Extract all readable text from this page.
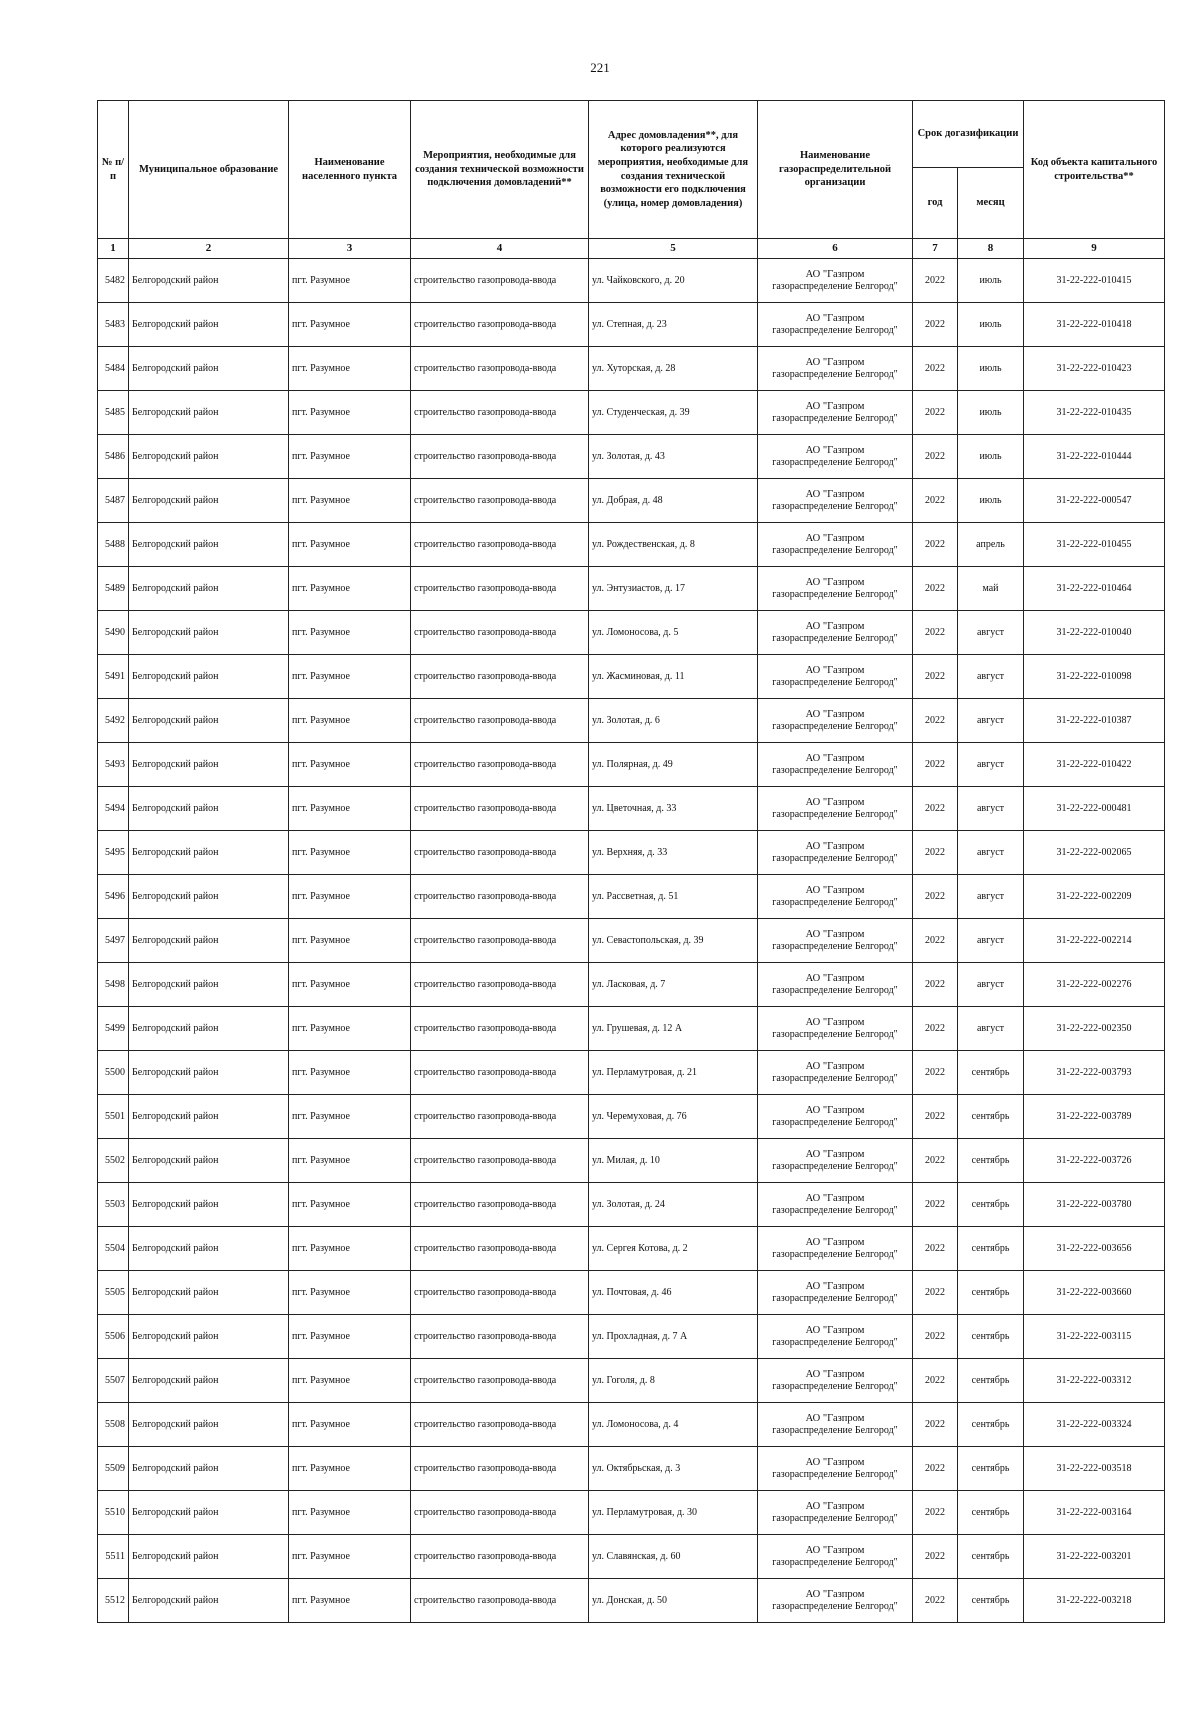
221
№ п/п	Муниципальное образование	Наименование населенного пункта	Мероприятия, необходимые для создания технической возможности подключения домовладений**	Адрес домовладения**, для которого реализуются мероприятия, необходимые для создания технической возможности его подключения (улица, номер домовладения)	Наименование газораспределительной организации	Срок догазификации		Код объекта капитального строительства**
						год	месяц	
1	2	3	4	5	6	7	8	9
5482	Белгородский район	пгт. Разумное	строительство газопровода-ввода	ул. Чайковского, д. 20	АО "Газпром
газораспределение Белгород"	2022	июль	31-22-222-010415
5483	Белгородский район	пгт. Разумное	строительство газопровода-ввода	ул. Степная, д. 23	АО "Газпром
газораспределение Белгород"	2022	июль	31-22-222-010418
5484	Белгородский район	пгт. Разумное	строительство газопровода-ввода	ул. Хуторская, д. 28	АО "Газпром
газораспределение Белгород"	2022	июль	31-22-222-010423
5485	Белгородский район	пгт. Разумное	строительство газопровода-ввода	ул. Студенческая, д. 39	АО "Газпром
газораспределение Белгород"	2022	июль	31-22-222-010435
5486	Белгородский район	пгт. Разумное	строительство газопровода-ввода	ул. Золотая, д. 43	АО "Газпром
газораспределение Белгород"	2022	июль	31-22-222-010444
5487	Белгородский район	пгт. Разумное	строительство газопровода-ввода	ул. Добрая, д. 48	АО "Газпром
газораспределение Белгород"	2022	июль	31-22-222-000547
5488	Белгородский район	пгт. Разумное	строительство газопровода-ввода	ул. Рождественская, д. 8	АО "Газпром
газораспределение Белгород"	2022	апрель	31-22-222-010455
5489	Белгородский район	пгт. Разумное	строительство газопровода-ввода	ул. Энтузиастов, д. 17	АО "Газпром
газораспределение Белгород"	2022	май	31-22-222-010464
5490	Белгородский район	пгт. Разумное	строительство газопровода-ввода	ул. Ломоносова, д. 5	АО "Газпром
газораспределение Белгород"	2022	август	31-22-222-010040
5491	Белгородский район	пгт. Разумное	строительство газопровода-ввода	ул. Жасминовая, д. 11	АО "Газпром
газораспределение Белгород"	2022	август	31-22-222-010098
5492	Белгородский район	пгт. Разумное	строительство газопровода-ввода	ул. Золотая, д. 6	АО "Газпром
газораспределение Белгород"	2022	август	31-22-222-010387
5493	Белгородский район	пгт. Разумное	строительство газопровода-ввода	ул. Полярная, д. 49	АО "Газпром
газораспределение Белгород"	2022	август	31-22-222-010422
5494	Белгородский район	пгт. Разумное	строительство газопровода-ввода	ул. Цветочная, д. 33	АО "Газпром
газораспределение Белгород"	2022	август	31-22-222-000481
5495	Белгородский район	пгт. Разумное	строительство газопровода-ввода	ул. Верхняя, д. 33	АО "Газпром
газораспределение Белгород"	2022	август	31-22-222-002065
5496	Белгородский район	пгт. Разумное	строительство газопровода-ввода	ул. Рассветная, д. 51	АО "Газпром
газораспределение Белгород"	2022	август	31-22-222-002209
5497	Белгородский район	пгт. Разумное	строительство газопровода-ввода	ул. Севастопольская, д. 39	АО "Газпром
газораспределение Белгород"	2022	август	31-22-222-002214
5498	Белгородский район	пгт. Разумное	строительство газопровода-ввода	ул. Ласковая, д. 7	АО "Газпром
газораспределение Белгород"	2022	август	31-22-222-002276
5499	Белгородский район	пгт. Разумное	строительство газопровода-ввода	ул. Грушевая, д. 12 А	АО "Газпром
газораспределение Белгород"	2022	август	31-22-222-002350
5500	Белгородский район	пгт. Разумное	строительство газопровода-ввода	ул. Перламутровая, д. 21	АО "Газпром
газораспределение Белгород"	2022	сентябрь	31-22-222-003793
5501	Белгородский район	пгт. Разумное	строительство газопровода-ввода	ул. Черемуховая, д. 76	АО "Газпром
газораспределение Белгород"	2022	сентябрь	31-22-222-003789
5502	Белгородский район	пгт. Разумное	строительство газопровода-ввода	ул. Милая, д. 10	АО "Газпром
газораспределение Белгород"	2022	сентябрь	31-22-222-003726
5503	Белгородский район	пгт. Разумное	строительство газопровода-ввода	ул. Золотая, д. 24	АО "Газпром
газораспределение Белгород"	2022	сентябрь	31-22-222-003780
5504	Белгородский район	пгт. Разумное	строительство газопровода-ввода	ул. Сергея Котова, д. 2	АО "Газпром
газораспределение Белгород"	2022	сентябрь	31-22-222-003656
5505	Белгородский район	пгт. Разумное	строительство газопровода-ввода	ул. Почтовая, д. 46	АО "Газпром
газораспределение Белгород"	2022	сентябрь	31-22-222-003660
5506	Белгородский район	пгт. Разумное	строительство газопровода-ввода	ул. Прохладная, д. 7 А	АО "Газпром
газораспределение Белгород"	2022	сентябрь	31-22-222-003115
5507	Белгородский район	пгт. Разумное	строительство газопровода-ввода	ул. Гоголя, д. 8	АО "Газпром
газораспределение Белгород"	2022	сентябрь	31-22-222-003312
5508	Белгородский район	пгт. Разумное	строительство газопровода-ввода	ул. Ломоносова, д. 4	АО "Газпром
газораспределение Белгород"	2022	сентябрь	31-22-222-003324
5509	Белгородский район	пгт. Разумное	строительство газопровода-ввода	ул. Октябрьская, д. 3	АО "Газпром
газораспределение Белгород"	2022	сентябрь	31-22-222-003518
5510	Белгородский район	пгт. Разумное	строительство газопровода-ввода	ул. Перламутровая, д. 30	АО "Газпром
газораспределение Белгород"	2022	сентябрь	31-22-222-003164
5511	Белгородский район	пгт. Разумное	строительство газопровода-ввода	ул. Славянская, д. 60	АО "Газпром
газораспределение Белгород"	2022	сентябрь	31-22-222-003201
5512	Белгородский район	пгт. Разумное	строительство газопровода-ввода	ул. Донская, д. 50	АО "Газпром
газораспределение Белгород"	2022	сентябрь	31-22-222-003218
